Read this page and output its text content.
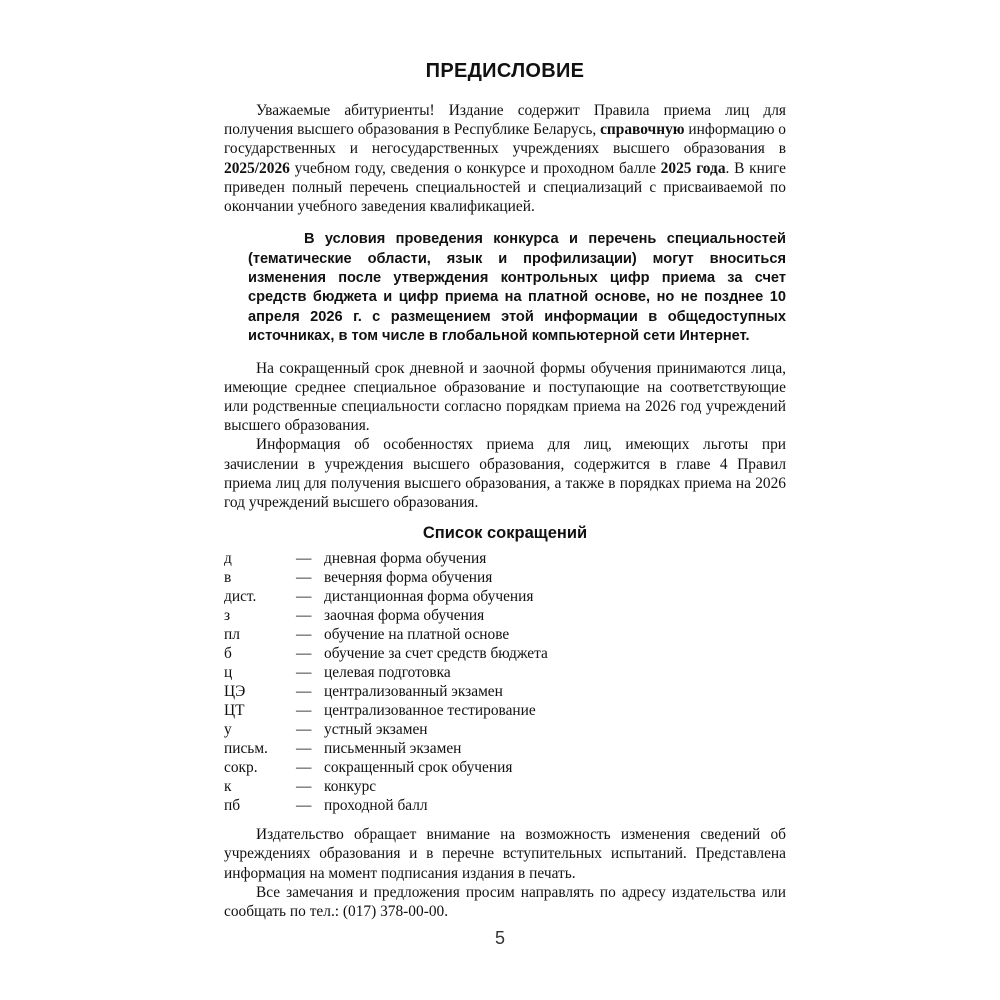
ПРЕДИСЛОВИЕ

Уважаемые абитуриенты! Издание содержит Правила приема лиц для получения высшего образования в Республике Беларусь, справочную информацию о государственных и негосударственных учреждениях высшего образования в 2025/2026 учебном году, сведения о конкурсе и проходном балле 2025 года. В книге приведен полный перечень специальностей и специализаций с присваиваемой по окончании учебного заведения квалификацией.

В условия проведения конкурса и перечень специальностей (тематические области, язык и профилизации) могут вноситься изменения после утверждения контрольных цифр приема за счет средств бюджета и цифр приема на платной основе, но не позднее 10 апреля 2026 г. с размещением этой информации в общедоступных источниках, в том числе в глобальной компьютерной сети Интернет.

На сокращенный срок дневной и заочной формы обучения принимаются лица, имеющие среднее специальное образование и поступающие на соответствующие или родственные специальности согласно порядкам приема на 2026 год учреждений высшего образования.

Информация об особенностях приема для лиц, имеющих льготы при зачислении в учреждения высшего образования, содержится в главе 4 Правил приема лиц для получения высшего образования, а также в порядках приема на 2026 год учреждений высшего образования.

Список сокращений
д	— дневная форма обучения
в	— вечерняя форма обучения
дист.	— дистанционная форма обучения
з	— заочная форма обучения
пл	— обучение на платной основе
б	— обучение за счет средств бюджета
ц	— целевая подготовка
ЦЭ	— централизованный экзамен
ЦТ	— централизованное тестирование
у	— устный экзамен
письм.	— письменный экзамен
сокр.	— сокращенный срок обучения
к	— конкурс
пб	— проходной балл

Издательство обращает внимание на возможность изменения сведений об учреждениях образования и в перечне вступительных испытаний. Представлена информация на момент подписания издания в печать.

Все замечания и предложения просим направлять по адресу издательства или сообщать по тел.: (017) 378-00-00.

5
